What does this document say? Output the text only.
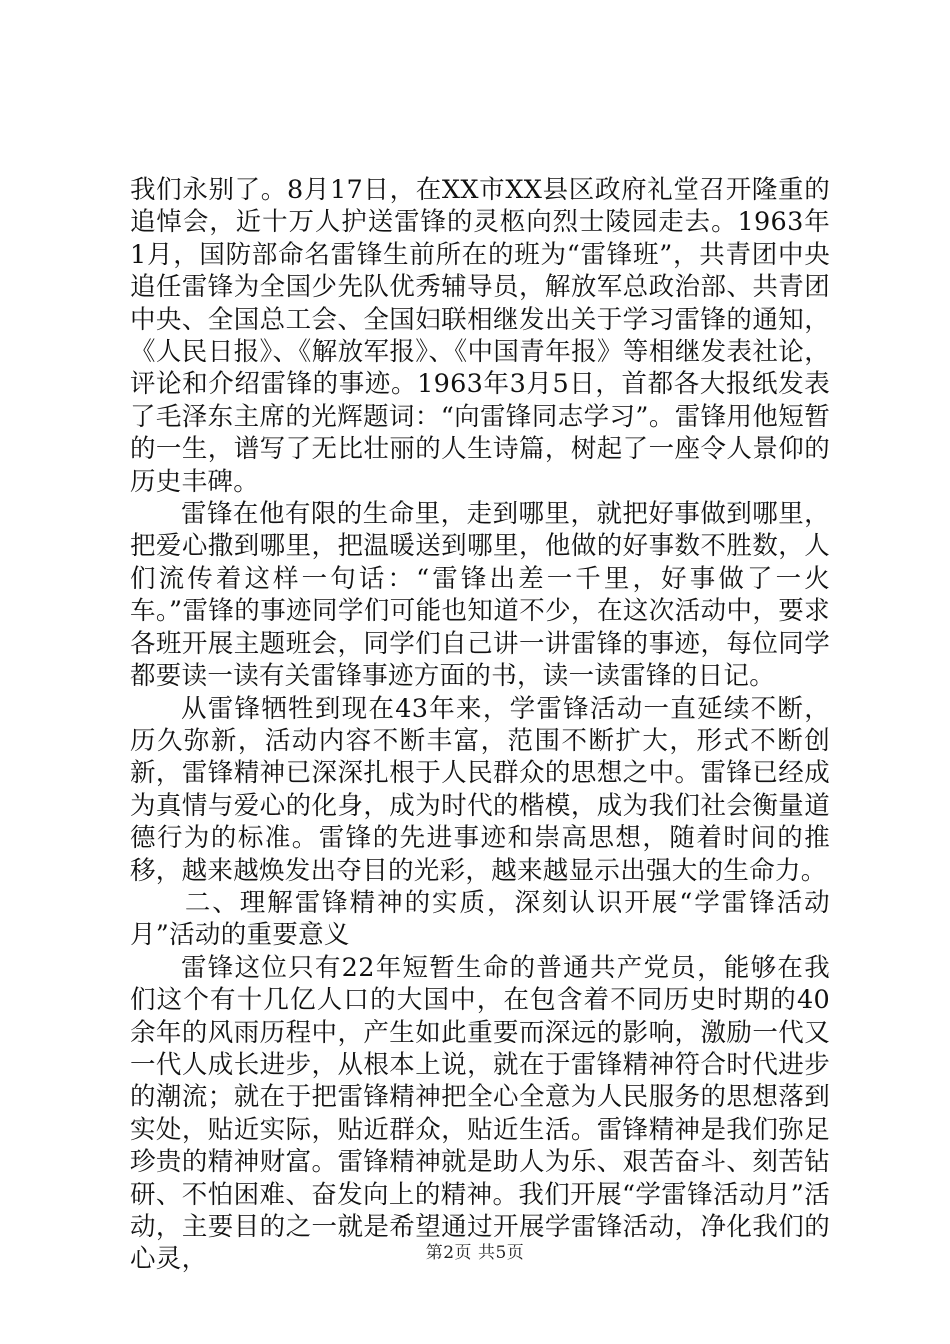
我们永别了。8月17日，在XX市XX县区政府礼堂召开隆重的追悼会，近十万人护送雷锋的灵柩向烈士陵园走去。1963年1月，国防部命名雷锋生前所在的班为“雷锋班”，共青团中央追任雷锋为全国少先队优秀辅导员，解放军总政治部、共青团中央、全国总工会、全国妇联相继发出关于学习雷锋的通知，《人民日报》、《解放军报》、《中国青年报》等相继发表社论，评论和介绍雷锋的事迹。1963年3月5日，首都各大报纸发表了毛泽东主席的光辉题词：“向雷锋同志学习”。雷锋用他短暂的一生，谱写了无比壮丽的人生诗篇，树起了一座令人景仰的历史丰碑。

雷锋在他有限的生命里，走到哪里，就把好事做到哪里，把爱心撒到哪里，把温暖送到哪里，他做的好事数不胜数，人们流传着这样一句话：“雷锋出差一千里，好事做了一火车。”雷锋的事迹同学们可能也知道不少，在这次活动中，要求各班开展主题班会，同学们自己讲一讲雷锋的事迹，每位同学都要读一读有关雷锋事迹方面的书，读一读雷锋的日记。

从雷锋牺牲到现在43年来，学雷锋活动一直延续不断，历久弥新，活动内容不断丰富，范围不断扩大，形式不断创新，雷锋精神已深深扎根于人民群众的思想之中。雷锋已经成为真情与爱心的化身，成为时代的楷模，成为我们社会衡量道德行为的标准。雷锋的先进事迹和崇高思想，随着时间的推移，越来越焕发出夺目的光彩，越来越显示出强大的生命力。

二、理解雷锋精神的实质，深刻认识开展“学雷锋活动月”活动的重要意义

雷锋这位只有22年短暂生命的普通共产党员，能够在我们这个有十几亿人口的大国中，在包含着不同历史时期的40余年的风雨历程中，产生如此重要而深远的影响，激励一代又一代人成长进步，从根本上说，就在于雷锋精神符合时代进步的潮流；就在于把雷锋精神把全心全意为人民服务的思想落到实处，贴近实际，贴近群众，贴近生活。雷锋精神是我们弥足珍贵的精神财富。雷锋精神就是助人为乐、艰苦奋斗、刻苦钻研、不怕困难、奋发向上的精神。我们开展“学雷锋活动月”活动，主要目的之一就是希望通过开展学雷锋活动，净化我们的心灵，	第2页 共5页
